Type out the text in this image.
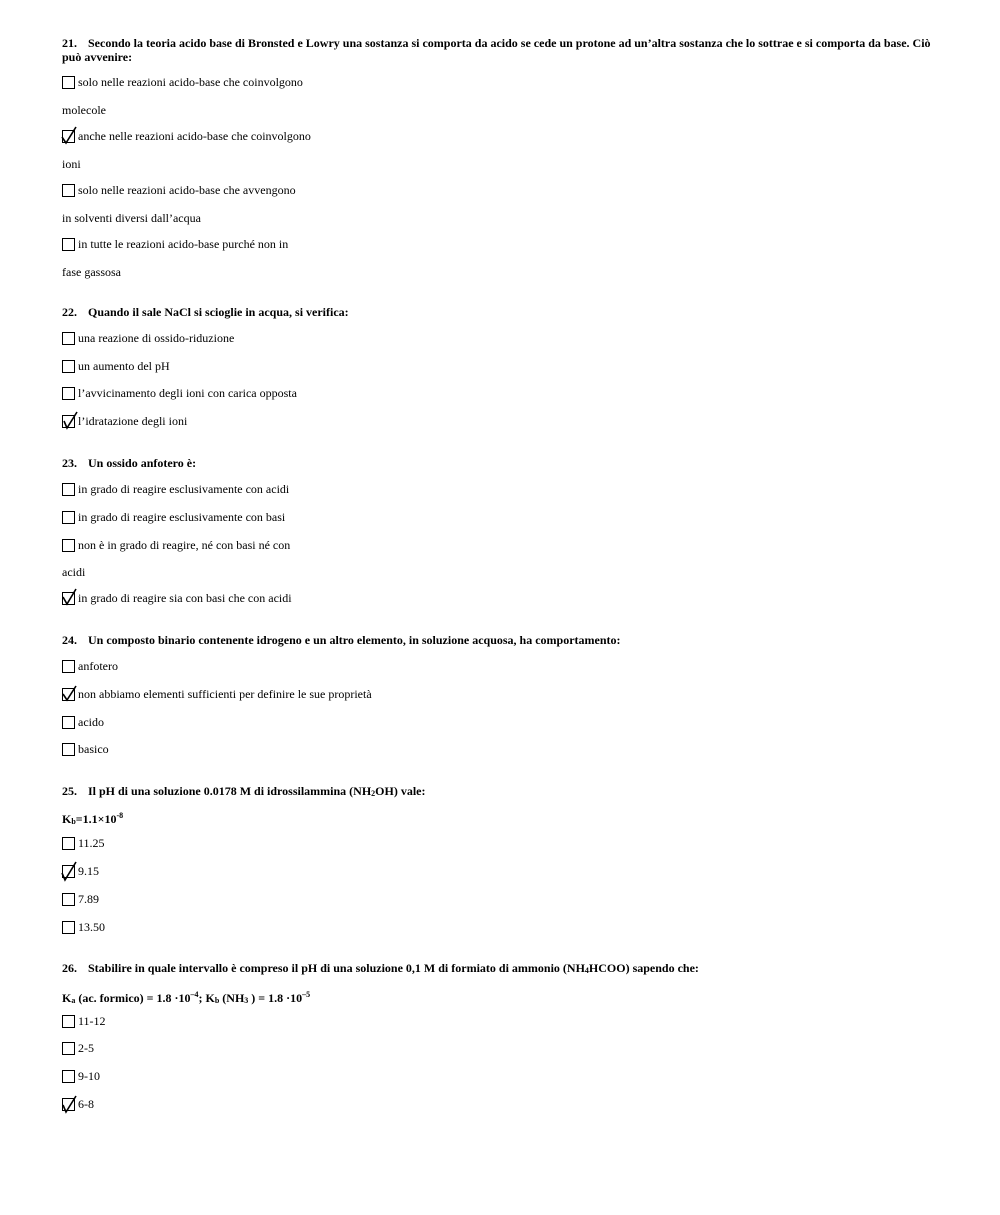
21. Secondo la teoria acido base di Bronsted e Lowry una sostanza si comporta da acido se cede un protone ad un’altra sostanza che lo sottrae e si comporta da base. Ciò può avvenire:
solo nelle reazioni acido-base che coinvolgono
molecole
anche nelle reazioni acido-base che coinvolgono
ioni
solo nelle reazioni acido-base che avvengono
in solventi diversi dall’acqua
in tutte le reazioni acido-base purché non in
fase gassosa
22. Quando il sale NaCl si scioglie in acqua, si verifica:
una reazione di ossido-riduzione
un aumento del pH
l’avvicinamento degli ioni con carica opposta
l’idratazione degli ioni
23. Un ossido anfotero è:
in grado di reagire esclusivamente con acidi
in grado di reagire esclusivamente con basi
non è in grado di reagire, né con basi né con
acidi
in grado di reagire sia con basi che con acidi
24. Un composto binario contenente idrogeno e un altro elemento, in soluzione acquosa, ha comportamento:
anfotero
non abbiamo elementi sufficienti per definire le sue proprietà
acido
basico
25. Il pH di una soluzione 0.0178 M di idrossilammina (NH2OH) vale:
$Kb=1.1\times 10^{-8}$
11.25
9.15
7.89
13.50
26. Stabilire in quale intervallo è compreso il pH di una soluzione 0,1 M di formiato di ammonio (NH4HCOO) sapendo che:
Ka (ac. formico) = $1.8 \cdot 10^{-4}$; Kb (NH3 ) = $1.8 \cdot 10^{-5}$
11-12
2-5
9-10
6-8
